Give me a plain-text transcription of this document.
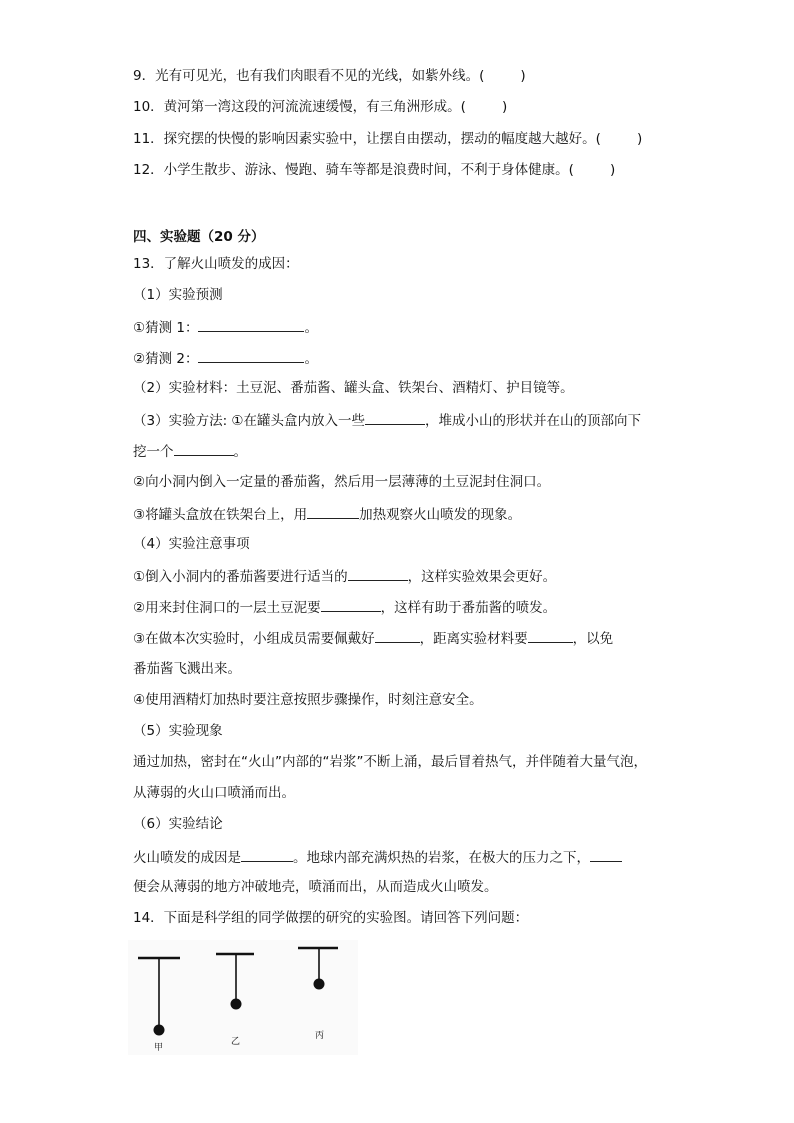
9．光有可见光，也有我们肉眼看不见的光线，如紫外线。(	)
10．黄河第一湾这段的河流流速缓慢，有三角洲形成。(	)
11．探究摆的快慢的影响因素实验中，让摆自由摆动，摆动的幅度越大越好。(	)
12．小学生散步、游泳、慢跑、骑车等都是浪费时间，不利于身体健康。(	)
四、实验题（20 分）
13．了解火山喷发的成因：
（1）实验预测
①猜测 1：	。
②猜测 2：	。
（2）实验材料：土豆泥、番茄酱、罐头盒、铁架台、酒精灯、护目镜等。
（3）实验方法: ①在罐头盒内放入一些	，堆成小山的形状并在山的顶部向下
挖一个	。
②向小洞内倒入一定量的番茄酱，然后用一层薄薄的土豆泥封住洞口。
③将罐头盒放在铁架台上，用	加热观察火山喷发的现象。
（4）实验注意事项
①倒入小洞内的番茄酱要进行适当的	，这样实验效果会更好。
②用来封住洞口的一层土豆泥要	，这样有助于番茄酱的喷发。
③在做本次实验时，小组成员需要佩戴好	，距离实验材料要	，以免
番茄酱飞溅出来。
④使用酒精灯加热时要注意按照步骤操作，时刻注意安全。
（5）实验现象
通过加热，密封在“火山”内部的“岩浆”不断上涌，最后冒着热气，并伴随着大量气泡，
从薄弱的火山口喷涌而出。
（6）实验结论
火山喷发的成因是	。地球内部充满炽热的岩浆，在极大的压力之下，
便会从薄弱的地方冲破地壳，喷涌而出，从而造成火山喷发。
14．下面是科学组的同学做摆的研究的实验图。请回答下列问题：
甲
乙
丙
